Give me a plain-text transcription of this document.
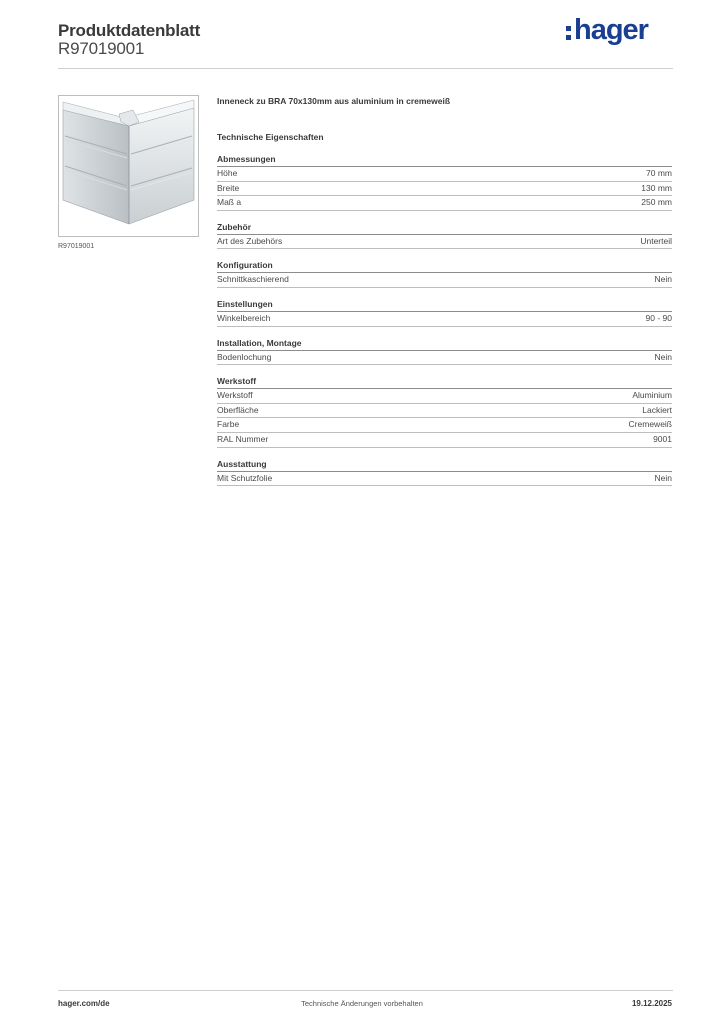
Produktdatenblatt
R97019001
hager
R97019001
Inneneck zu BRA 70x130mm aus aluminium in cremeweiß
Technische Eigenschaften
Abmessungen
Höhe	70 mm
Breite	130 mm
Maß a	250 mm
Zubehör
Art des Zubehörs	Unterteil
Konfiguration
Schnittkaschierend	Nein
Einstellungen
Winkelbereich	90 - 90
Installation, Montage
Bodenlochung	Nein
Werkstoff
Werkstoff	Aluminium
Oberfläche	Lackiert
Farbe	Cremeweiß
RAL Nummer	9001
Ausstattung
Mit Schutzfolie	Nein
hager.com/de	Technische Änderungen vorbehalten	19.12.2025
